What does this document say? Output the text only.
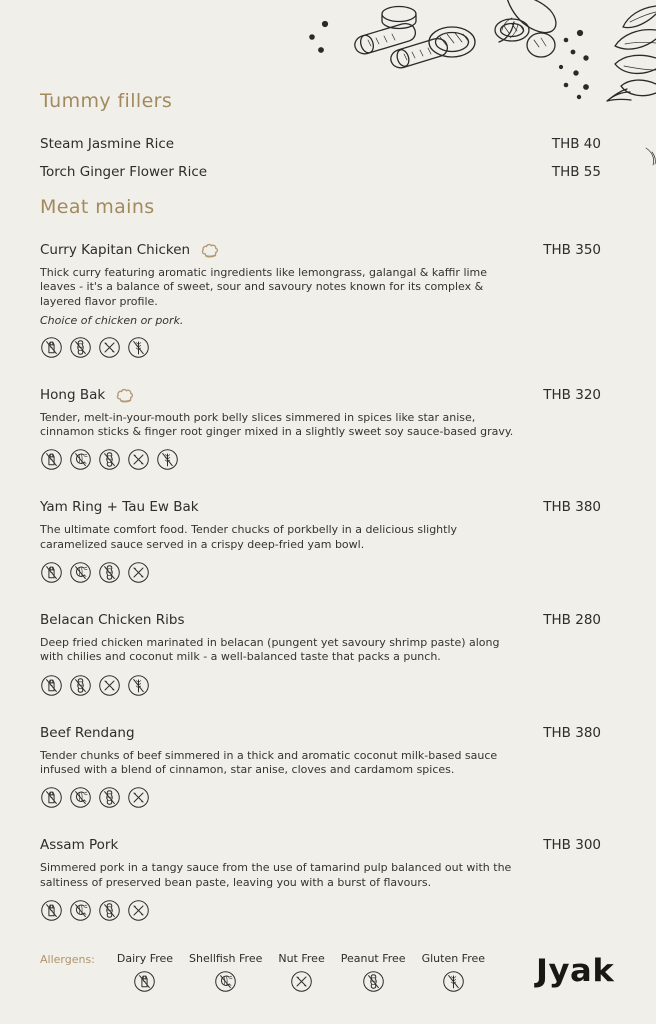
Tummy fillers
Steam Jasmine Rice	THB 40
Torch Ginger Flower Rice	THB 55
Meat mains
Curry Kapitan Chicken	THB 350

Thick curry featuring aromatic ingredients like lemongrass, galangal & kaffir lime leaves - it's a balance of sweet, sour and savoury notes known for its complex & layered flavor profile.

Choice of chicken or pork.

Hong Bak	THB 320

Tender, melt-in-your-mouth pork belly slices simmered in spices like star anise, cinnamon sticks & finger root ginger mixed in a slightly sweet soy sauce-based gravy.

Yam Ring + Tau Ew Bak	THB 380

The ultimate comfort food. Tender chucks of porkbelly in a delicious slightly caramelized sauce served in a crispy deep-fried yam bowl.

Belacan Chicken Ribs	THB 280

Deep fried chicken marinated in belacan (pungent yet savoury shrimp paste) along with chilies and coconut milk - a well-balanced taste that packs a punch.

Beef Rendang	THB 380

Tender chunks of beef simmered in a thick and aromatic coconut milk-based sauce infused with a blend of cinnamon, star anise, cloves and cardamom spices.

Assam Pork	THB 300

Simmered pork in a tangy sauce from the use of tamarind pulp balanced out with the saltiness of preserved bean paste, leaving you with a burst of flavours.

Allergens: Dairy Free Shellfish Free Nut Free Peanut Free Gluten Free Jyak
